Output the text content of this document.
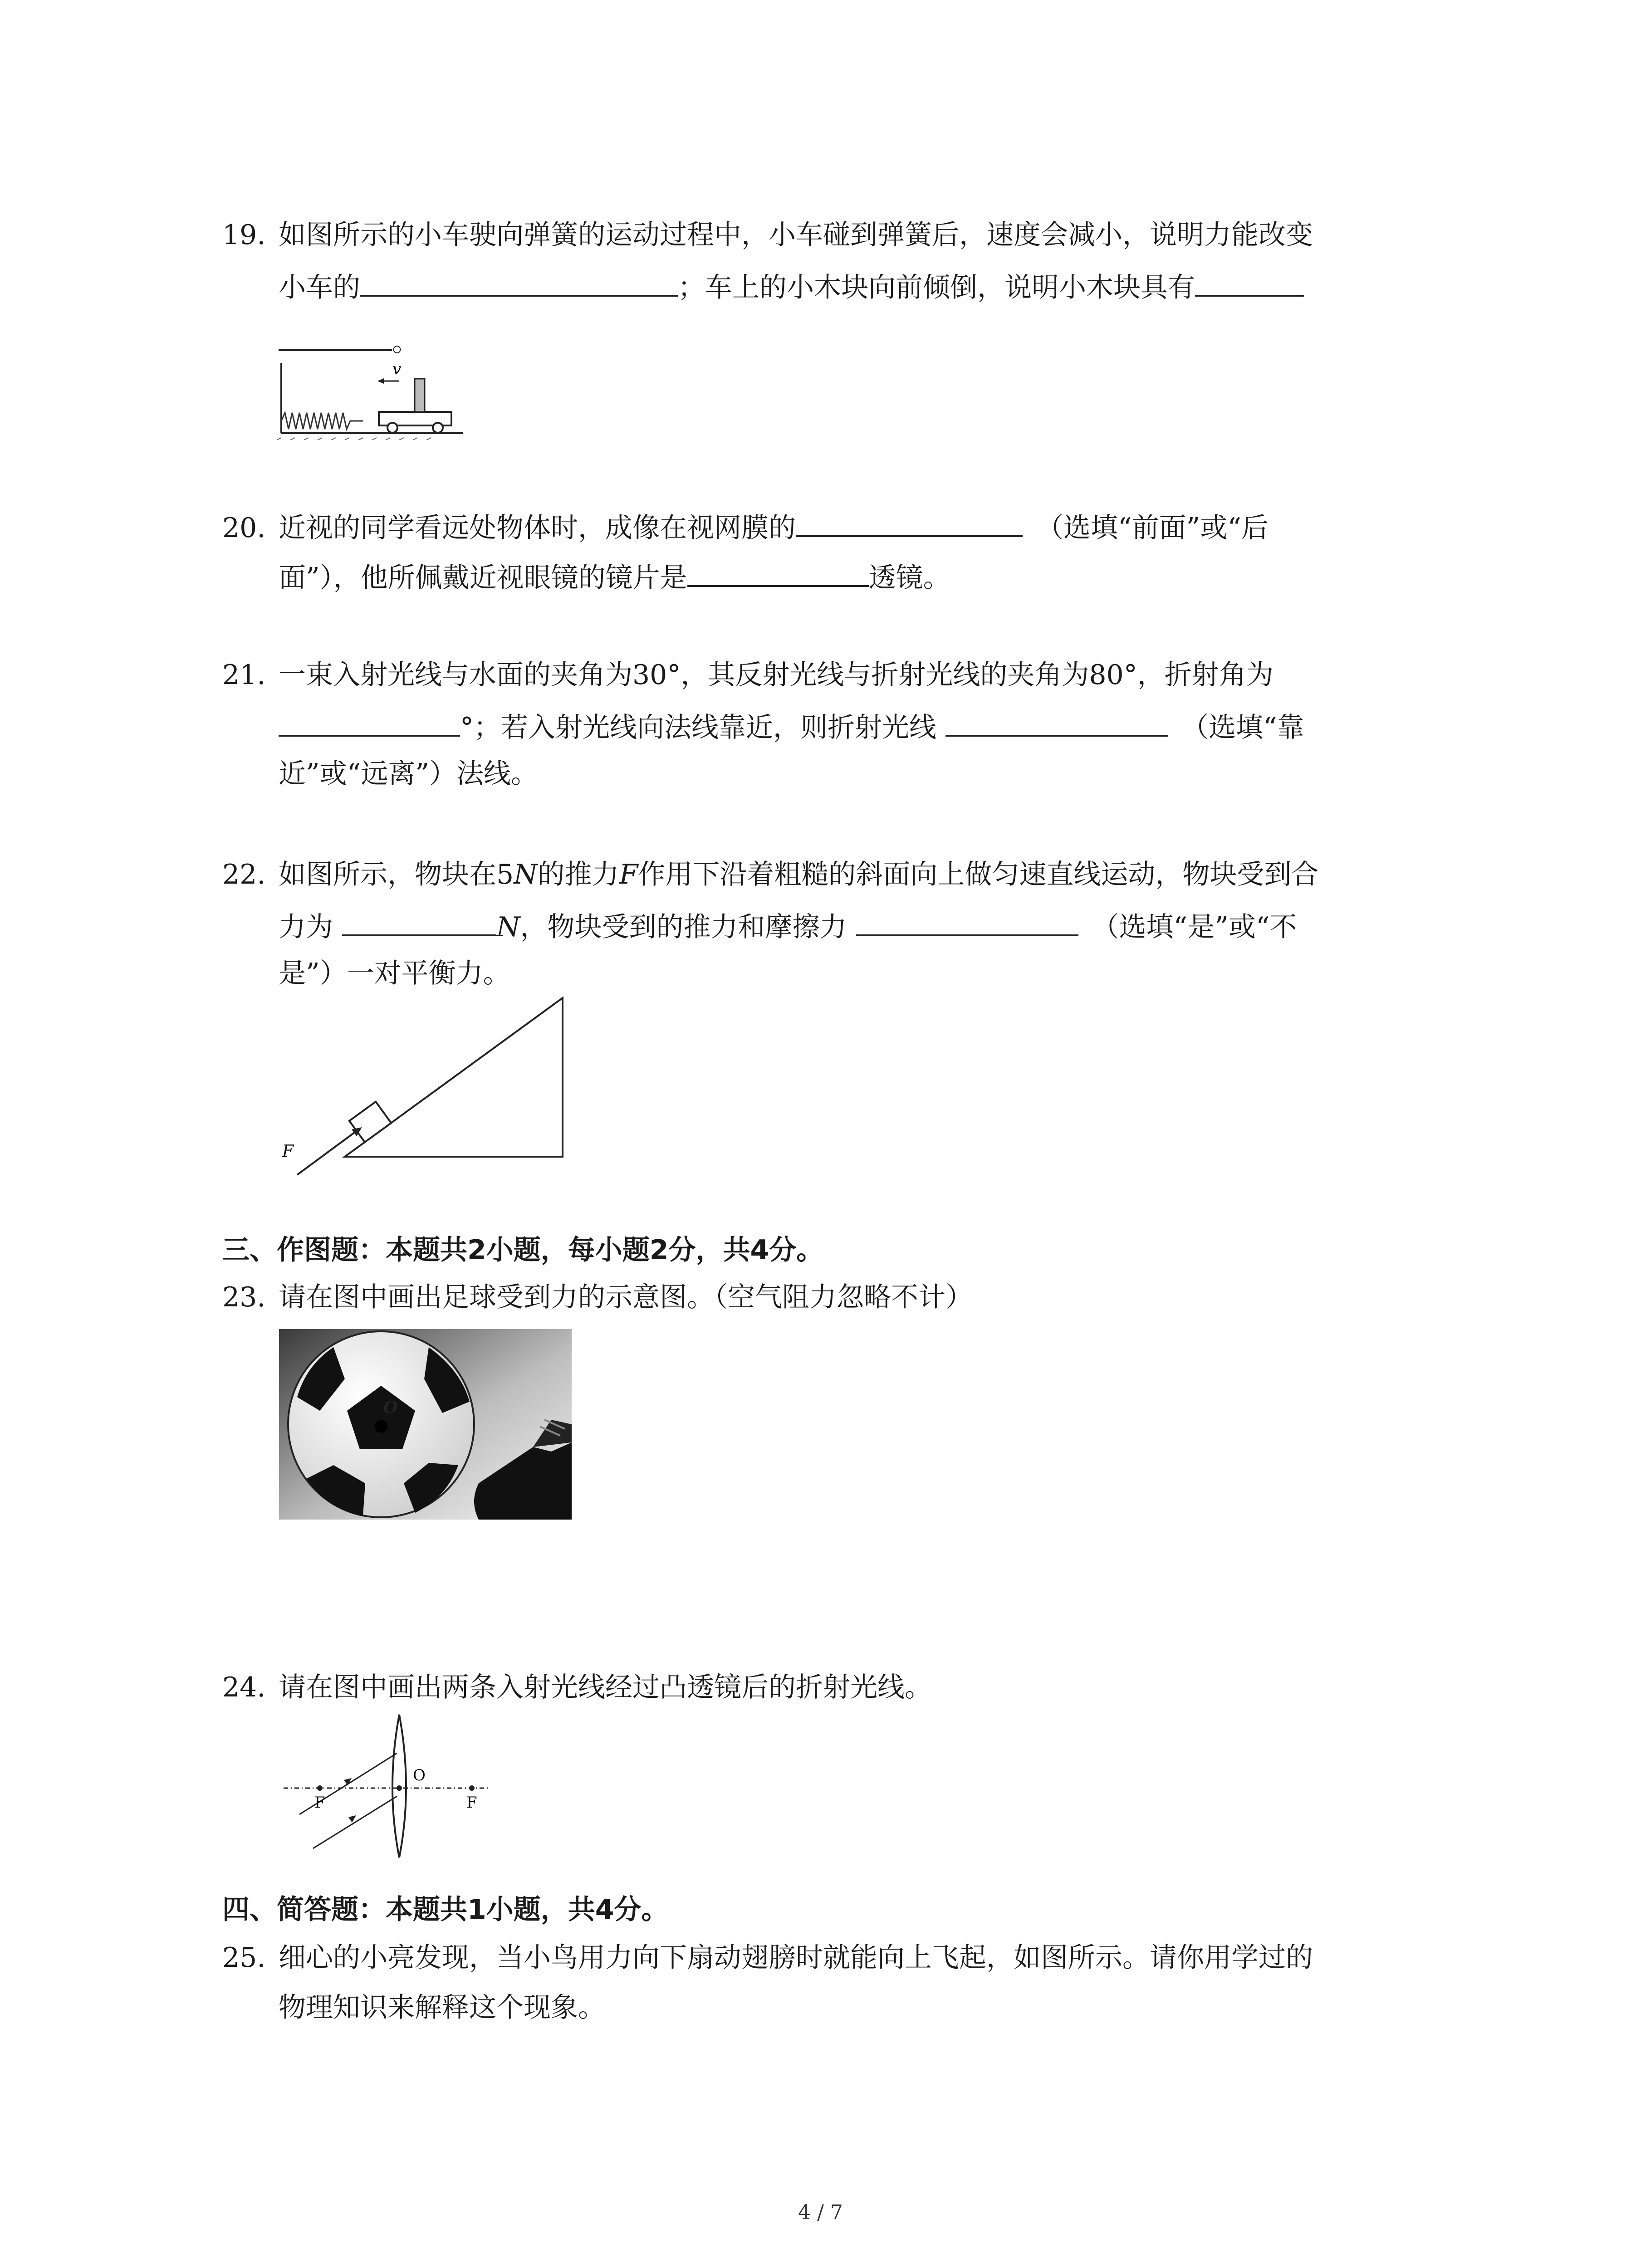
19. 如图所示的小车驶向弹簧的运动过程中，小车碰到弹簧后，速度会减小，说明力能改变
小车的	；车上的小木块向前倾倒，说明小木块具有
。
v
20. 近视的同学看远处物体时，成像在视网膜的	（选填“前面”或“后
面”），他所佩戴近视眼镜的镜片是	透镜。
21. 一束入射光线与水面的夹角为30°，其反射光线与折射光线的夹角为80°，折射角为
°；若入射光线向法线靠近，则折射光线	（选填“靠
近”或“远离”）法线。
22. 如图所示，物块在5N的推力F作用下沿着粗糙的斜面向上做匀速直线运动，物块受到合
力为	N，物块受到的推力和摩擦力	（选填“是”或“不
是”）一对平衡力。
F
三、作图题：本题共2小题，每小题2分，共4分。
23. 请在图中画出足球受到力的示意图。（空气阻力忽略不计）
O
24. 请在图中画出两条入射光线经过凸透镜后的折射光线。
F
O
F
四、简答题：本题共1小题，共4分。
25. 细心的小亮发现，当小鸟用力向下扇动翅膀时就能向上飞起，如图所示。请你用学过的
物理知识来解释这个现象。
4 / 7
